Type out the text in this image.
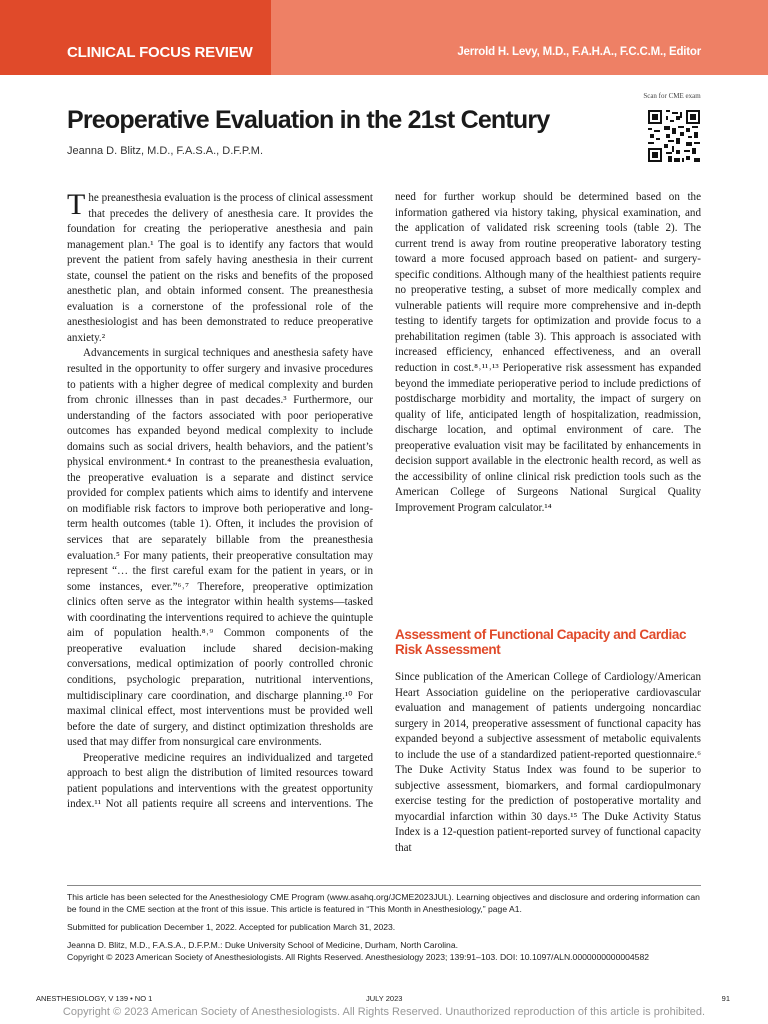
CLINICAL FOCUS REVIEW	Jerrold H. Levy, M.D., F.A.H.A., F.C.C.M., Editor
Preoperative Evaluation in the 21st Century
Jeanna D. Blitz, M.D., F.A.S.A., D.F.P.M.
Scan for CME exam

The preanesthesia evaluation is the process of clinical assessment that precedes the delivery of anesthesia care. It provides the foundation for creating the perioperative anesthesia and pain management plan.¹ The goal is to identify any factors that would prevent the patient from safely having anesthesia in their current state, counsel the patient on the risks and benefits of the proposed anesthetic plan, and obtain informed consent. The preanesthesia evaluation is a cornerstone of the professional role of the anesthesiologist and has been demonstrated to reduce preoperative anxiety.²

Advancements in surgical techniques and anesthesia safety have resulted in the opportunity to offer surgery and invasive procedures to patients with a higher degree of medical complexity and burden from chronic illnesses than in past decades.³ Furthermore, our understanding of the factors associated with poor perioperative outcomes has expanded beyond medical complexity to include domains such as social drivers, health behaviors, and the patient’s physical environment.⁴ In contrast to the preanesthesia evaluation, the preoperative evaluation is a separate and distinct service provided for complex patients which aims to identify and intervene on modifiable risk factors to improve both perioperative and long-term health outcomes (table 1). Often, it includes the provision of services that are separately billable from the preanesthesia evaluation.⁵ For many patients, their preoperative consultation may represent “… the first careful exam for the patient in years, or in some instances, ever.”⁶˒⁷ Therefore, preoperative optimization clinics often serve as the integrator within health systems—tasked with coordinating the interventions required to achieve the quintuple aim of population health.⁸˒⁹ Common components of the preoperative evaluation include shared decision-making conversations, medical optimization of poorly controlled chronic conditions, psychologic preparation, nutritional interventions, multidisciplinary care coordination, and discharge planning.¹⁰ For maximal clinical effect, most interventions must be provided well before the date of surgery, and distinct optimization thresholds are used that may differ from nonsurgical care environments.

Preoperative medicine requires an individualized and targeted approach to best align the distribution of limited resources toward patient populations and interventions with the greatest opportunity index.¹¹ Not all patients require all screens and interventions. The

need for further workup should be determined based on the information gathered via history taking, physical examination, and the application of validated risk screening tools (table 2). The current trend is away from routine preoperative laboratory testing toward a more focused approach based on patient- and surgery-specific conditions. Although many of the healthiest patients require no preoperative testing, a subset of more medically complex and vulnerable patients will require more comprehensive and in-depth testing to identify targets for optimization and provide focus to a prehabilitation regimen (table 3). This approach is associated with increased efficiency, enhanced effectiveness, and an overall reduction in cost.⁸˒¹¹˒¹³ Perioperative risk assessment has expanded beyond the immediate perioperative period to include predictions of postdischarge morbidity and mortality, the impact of surgery on quality of life, anticipated length of hospitalization, readmission, discharge location, and optimal environment of care. The preoperative evaluation visit may be facilitated by enhancements in decision support available in the electronic health record, as well as the accessibility of online clinical risk prediction tools such as the American College of Surgeons National Surgical Quality Improvement Program calculator.¹⁴

Assessment of Functional Capacity and Cardiac Risk Assessment

Since publication of the American College of Cardiology/American Heart Association guideline on the perioperative cardiovascular evaluation and management of patients undergoing noncardiac surgery in 2014, preoperative assessment of functional capacity has expanded beyond a subjective assessment of metabolic equivalents to include the use of a standardized patient-reported questionnaire.⁶ The Duke Activity Status Index was found to be superior to subjective assessment, biomarkers, and formal cardiopulmonary exercise testing for the prediction of postoperative mortality and myocardial infarction within 30 days.¹⁵ The Duke Activity Status Index is a 12-question patient-reported survey of functional capacity that

This article has been selected for the Anesthesiology CME Program (www.asahq.org/JCME2023JUL). Learning objectives and disclosure and ordering information can be found in the CME section at the front of this issue. This article is featured in “This Month in Anesthesiology,” page A1.

Submitted for publication December 1, 2022. Accepted for publication March 31, 2023.

Jeanna D. Blitz, M.D., F.A.S.A., D.F.P.M.: Duke University School of Medicine, Durham, North Carolina.

Copyright © 2023 American Society of Anesthesiologists. All Rights Reserved. Anesthesiology 2023; 139:91–103. DOI: 10.1097/ALN.0000000000004582

ANESTHESIOLOGY, V 139 • NO 1	JULY 2023	91
Copyright © 2023 American Society of Anesthesiologists. All Rights Reserved. Unauthorized reproduction of this article is prohibited.
